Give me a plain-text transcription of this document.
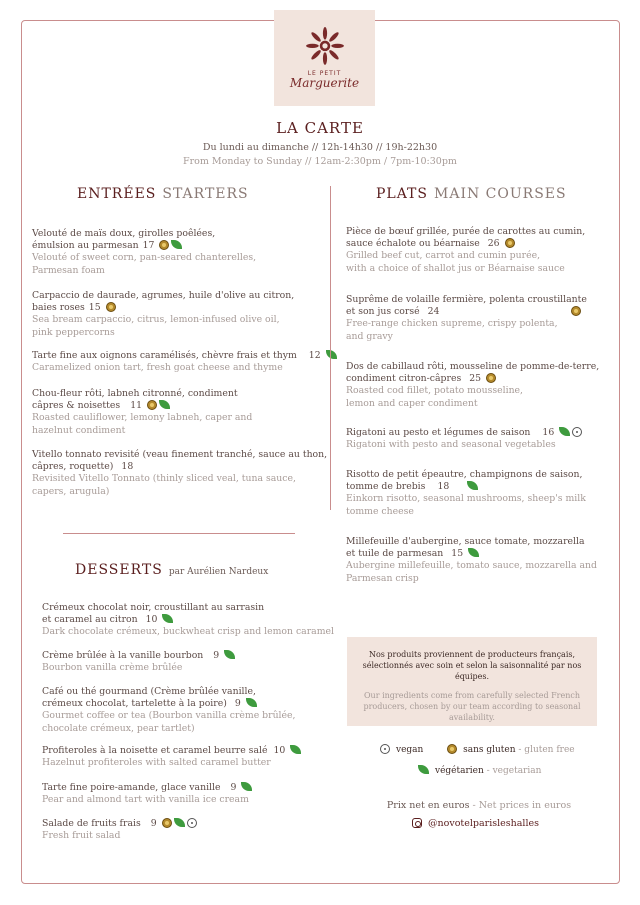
LE PETIT
Marguerite
LA CARTE
Du lundi au dimanche // 12h-14h30 // 19h-22h30
From Monday to Sunday // 12am-2:30pm / 7pm-10:30pm
ENTRÉES STARTERS
Velouté de maïs doux, girolles poêlées,
émulsion au parmesan 17
Velouté of sweet corn, pan-seared chanterelles,
Parmesan foam
Carpaccio de daurade, agrumes, huile d'olive au citron,
baies roses 15
Sea bream carpaccio, citrus, lemon-infused olive oil,
pink peppercorns
Tarte fine aux oignons caramélisés, chèvre frais et thym 12
Caramelized onion tart, fresh goat cheese and thyme
Chou-fleur rôti, labneh citronné, condiment
câpres & noisettes 11
Roasted cauliflower, lemony labneh, caper and
hazelnut condiment
Vitello tonnato revisité (veau finement tranché, sauce au thon,
câpres, roquette) 18
Revisited Vitello Tonnato (thinly sliced veal, tuna sauce,
capers, arugula)
PLATS MAIN COURSES
Pièce de bœuf grillée, purée de carottes au cumin,
sauce échalote ou béarnaise 26
Grilled beef cut, carrot and cumin purée,
with a choice of shallot jus or Béarnaise sauce
Suprême de volaille fermière, polenta croustillante
et son jus corsé 24
Free-range chicken supreme, crispy polenta,
and gravy
Dos de cabillaud rôti, mousseline de pomme-de-terre,
condiment citron-câpres 25
Roasted cod fillet, potato mousseline,
lemon and caper condiment
Rigatoni au pesto et légumes de saison 16
Rigatoni with pesto and seasonal vegetables
Risotto de petit épeautre, champignons de saison,
tomme de brebis 18
Einkorn risotto, seasonal mushrooms, sheep's milk
tomme cheese
Millefeuille d'aubergine, sauce tomate, mozzarella
et tuile de parmesan 15
Aubergine millefeuille, tomato sauce, mozzarella and
Parmesan crisp
DESSERTS par Aurélien Nardeux
Crémeux chocolat noir, croustillant au sarrasin
et caramel au citron 10
Dark chocolate crémeux, buckwheat crisp and lemon caramel
Crème brûlée à la vanille bourbon 9
Bourbon vanilla crème brûlée
Café ou thé gourmand (Crème brûlée vanille,
crémeux chocolat, tartelette à la poire) 9
Gourmet coffee or tea (Bourbon vanilla crème brûlée,
chocolate crémeux, pear tartlet)
Profiteroles à la noisette et caramel beurre salé 10
Hazelnut profiteroles with salted caramel butter
Tarte fine poire-amande, glace vanille 9
Pear and almond tart with vanilla ice cream
Salade de fruits frais 9
Fresh fruit salad
Nos produits proviennent de producteurs français, sélectionnés avec soin et selon la saisonnalité par nos équipes.
Our ingredients come from carefully selected French producers, chosen by our team according to seasonal availability.
vegan	sans gluten - gluten free
végétarien - vegetarian
Prix net en euros - Net prices in euros
@novotelparisleshalles
